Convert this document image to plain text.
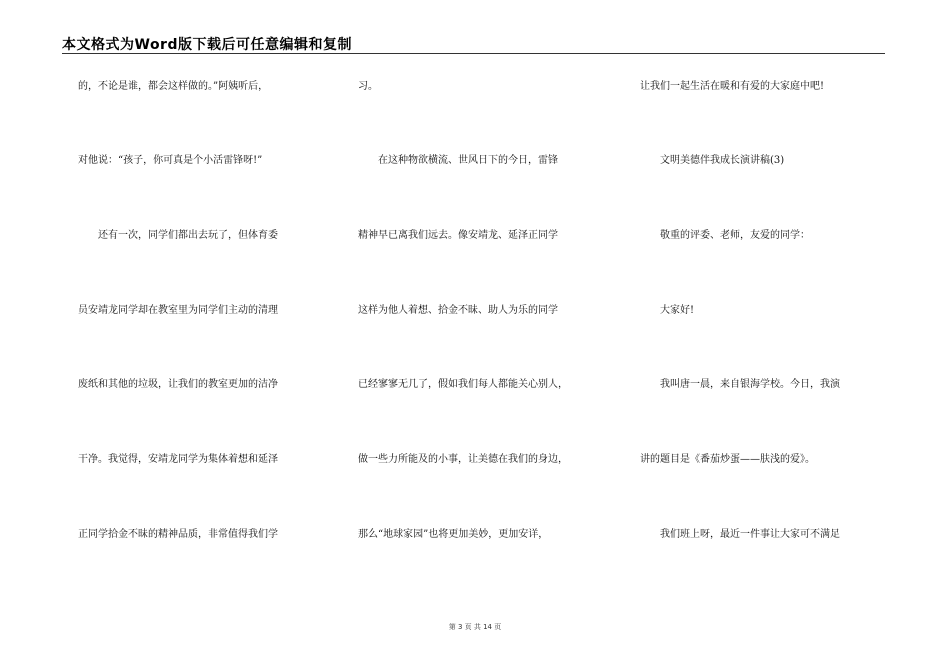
本文格式为Word版下载后可任意编辑和复制
的，不论是谁，都会这样做的。”阿姨听后，
对他说：“孩子，你可真是个小活雷锋呀!”
　　还有一次，同学们都出去玩了，但体育委
员安靖龙同学却在教室里为同学们主动的清理
废纸和其他的垃圾，让我们的教室更加的洁净
干净。我觉得，安靖龙同学为集体着想和延泽
正同学拾金不昧的精神品质，非常值得我们学
习。
　　在这种物欲横流、世风日下的今日，雷锋
精神早已离我们远去。像安靖龙、延泽正同学
这样为他人着想、拾金不昧、助人为乐的同学
已经寥寥无几了，假如我们每人都能关心别人，
做一些力所能及的小事，让美德在我们的身边，
那么“地球家园”也将更加美妙，更加安详，
让我们一起生活在暖和有爱的大家庭中吧!
　　文明美德伴我成长演讲稿(3)
　　敬重的评委、老师，友爱的同学：
　　大家好!
　　我叫唐一晨，来自银海学校。今日，我演
讲的题目是《番茄炒蛋——肤浅的爱》。
　　我们班上呀，最近一件事让大家可不满足
第 3 页 共 14 页
